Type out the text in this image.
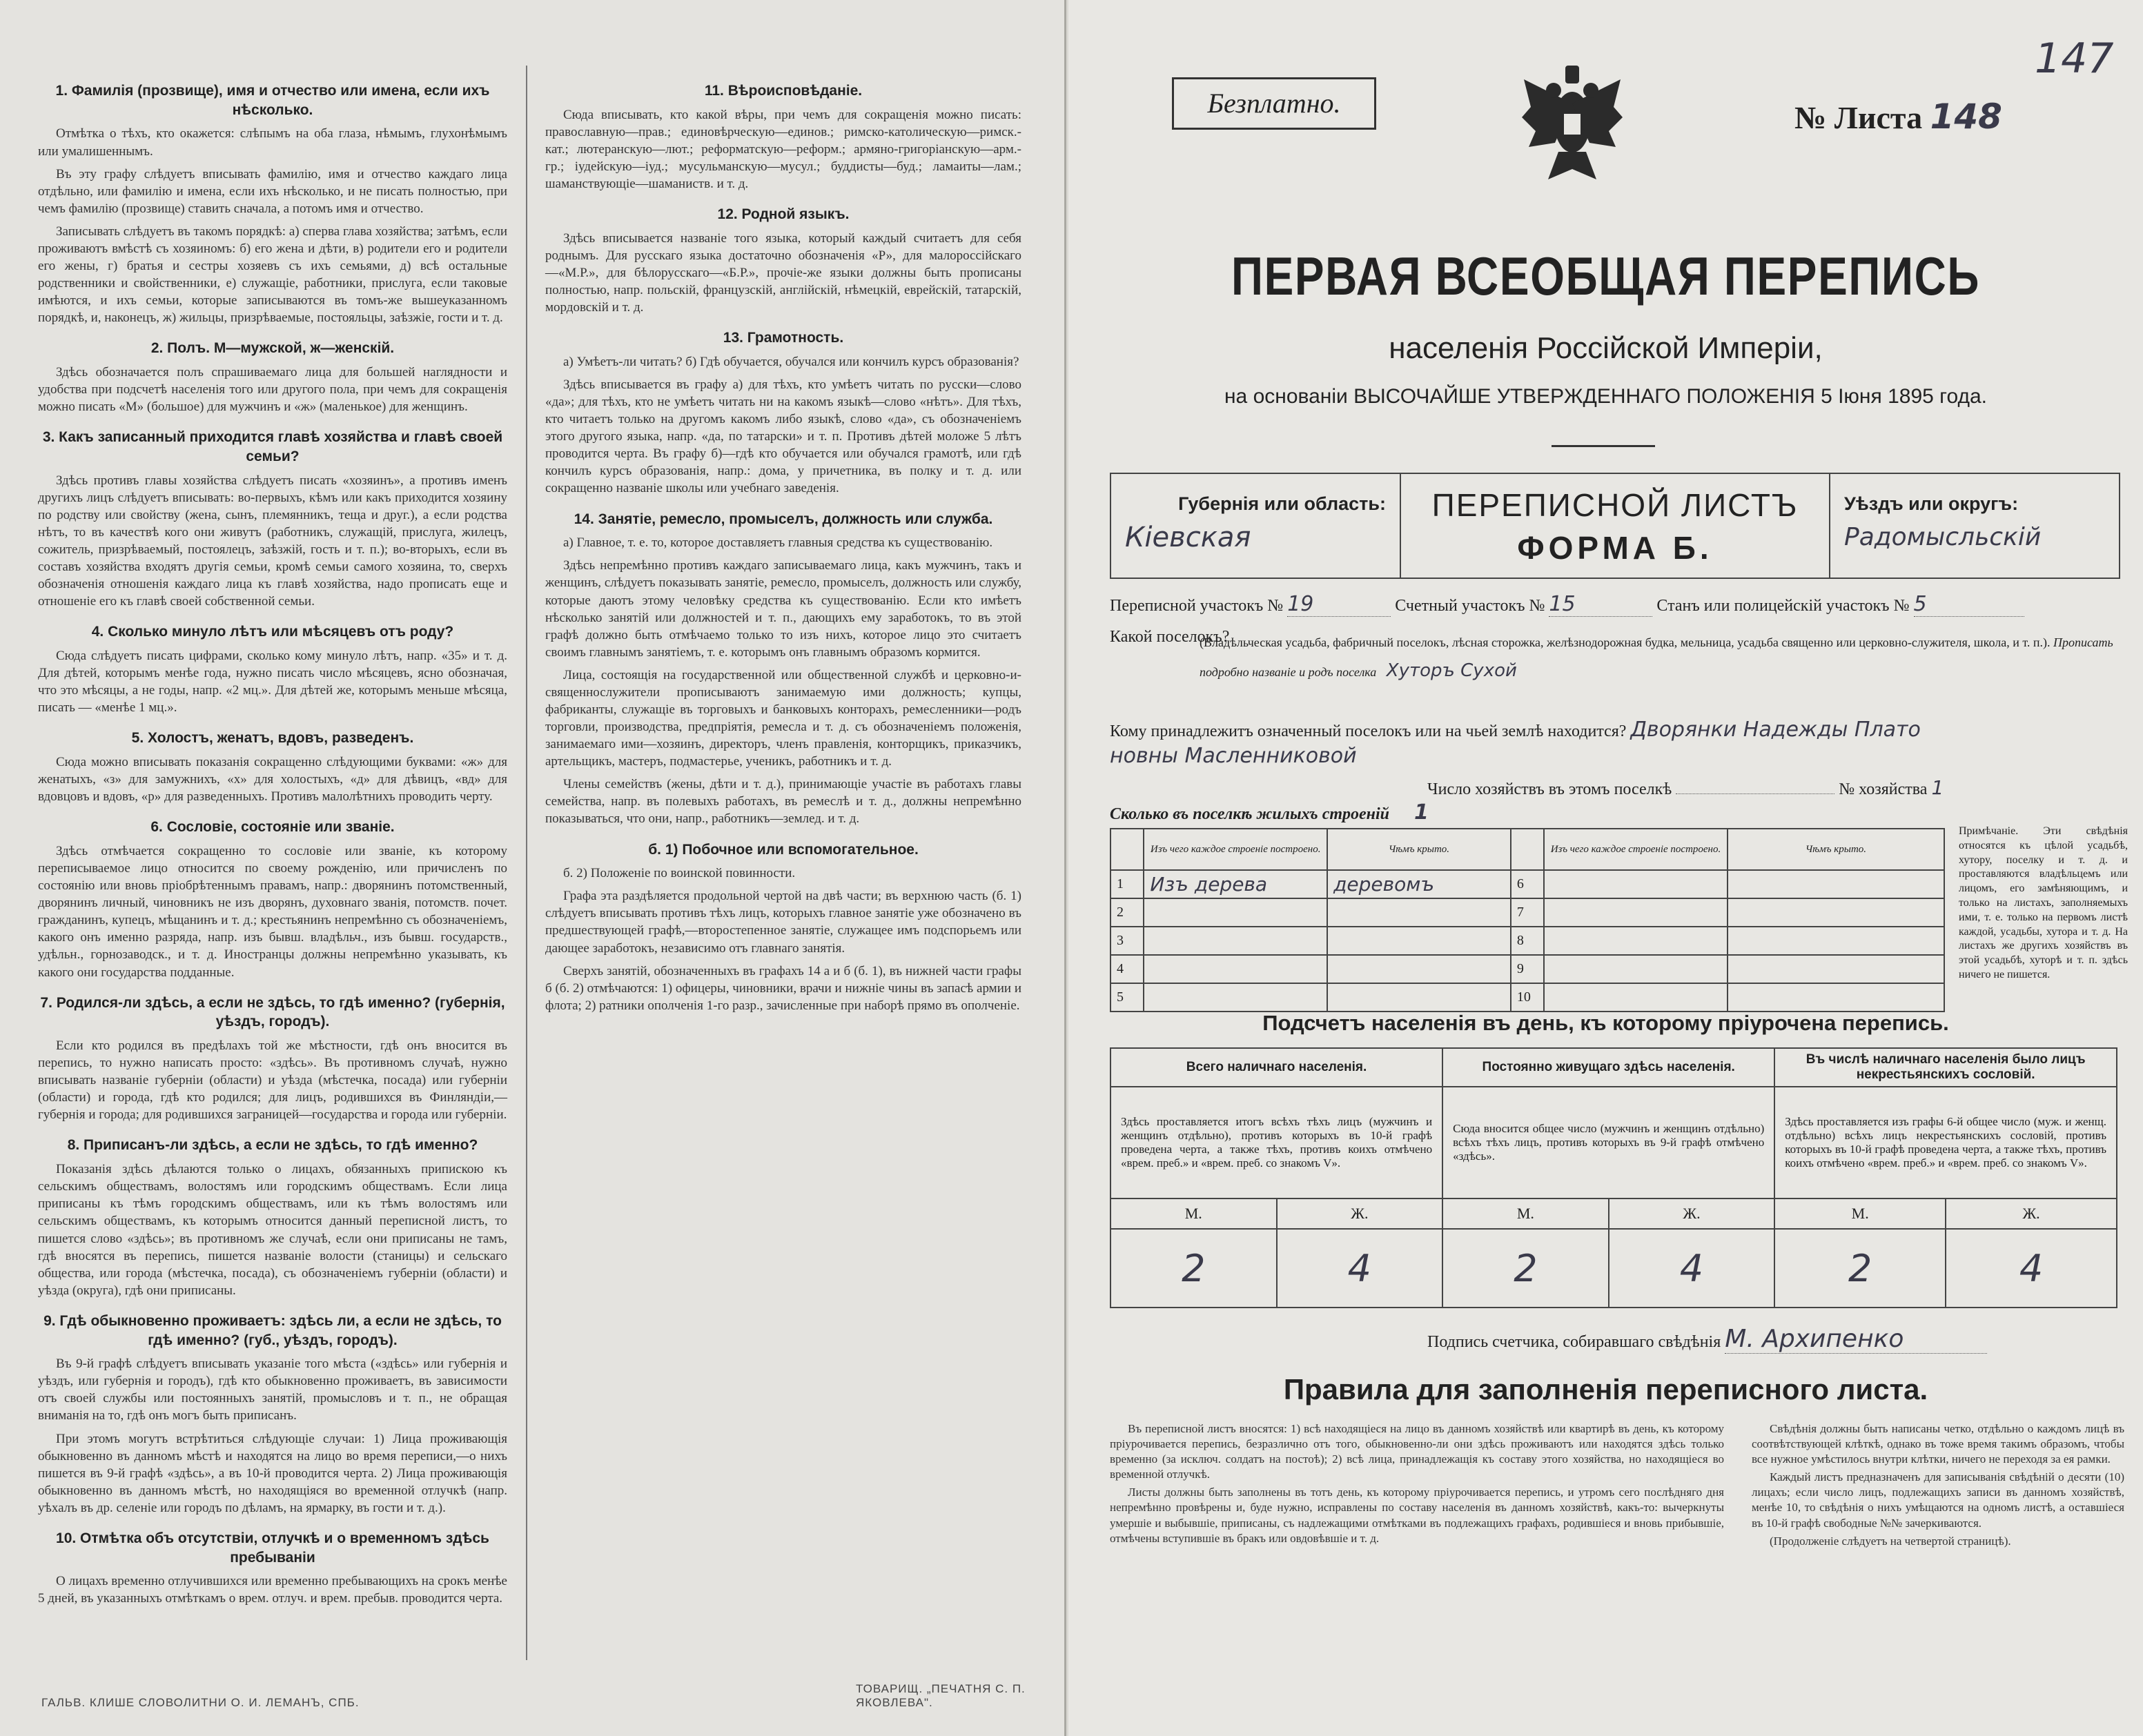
1. Фамилія (прозвище), имя и отчество или имена, если ихъ нѣсколько.

Отмѣтка о тѣхъ, кто окажется: слѣпымъ на оба глаза, нѣмымъ, глухонѣмымъ или умалишеннымъ.

Въ эту графу слѣдуетъ вписывать фамилію, имя и отчество каждаго лица отдѣльно, или фамилію и имена, если ихъ нѣсколько, и не писать полностью, при чемъ фамилію (прозвище) ставить сначала, а потомъ имя и отчество.

Записывать слѣдуетъ въ такомъ порядкѣ: а) сперва глава хозяйства; затѣмъ, если проживаютъ вмѣстѣ съ хозяиномъ: б) его жена и дѣти, в) родители его и родители его жены, г) братья и сестры хозяевъ съ ихъ семьями, д) всѣ остальные родственники и свойственники, е) служащіе, работники, прислуга, если таковые имѣются, и ихъ семьи, которые записываются въ томъ-же вышеуказанномъ порядкѣ, и, наконецъ, ж) жильцы, призрѣваемые, постояльцы, заѣзжіе, гости и т. д.

2. Полъ. М—мужской, ж—женскій.

Здѣсь обозначается полъ спрашиваемаго лица для большей наглядности и удобства при подсчетѣ населенія того или другого пола, при чемъ для сокращенія можно писать «М» (большое) для мужчинъ и «ж» (маленькое) для женщинъ.

3. Какъ записанный приходится главѣ хозяйства и главѣ своей семьи?

Здѣсь противъ главы хозяйства слѣдуетъ писать «хозяинъ», а противъ именъ другихъ лицъ слѣдуетъ вписывать: во-первыхъ, кѣмъ или какъ приходится хозяину по родству или свойству (жена, сынъ, племянникъ, теща и друг.), а если родства нѣтъ, то въ качествѣ кого они живутъ (работникъ, служащій, прислуга, жилецъ, сожитель, призрѣваемый, постоялецъ, заѣзжій, гость и т. п.); во-вторыхъ, если въ составъ хозяйства входятъ другія семьи, кромѣ семьи самого хозяина, то, сверхъ обозначенія отношенія каждаго лица къ главѣ хозяйства, надо прописать еще и отношеніе его къ главѣ своей собственной семьи.

4. Сколько минуло лѣтъ или мѣсяцевъ отъ роду?

Сюда слѣдуетъ писать цифрами, сколько кому минуло лѣтъ, напр. «35» и т. д. Для дѣтей, которымъ менѣе года, нужно писать число мѣсяцевъ, ясно обозначая, что это мѣсяцы, а не годы, напр. «2 мц.». Для дѣтей же, которымъ меньше мѣсяца, писать — «менѣе 1 мц.».

5. Холостъ, женатъ, вдовъ, разведенъ.

Сюда можно вписывать показанія сокращенно слѣдующими буквами: «ж» для женатыхъ, «з» для замужнихъ, «х» для холостыхъ, «д» для дѣвицъ, «вд» для вдовцовъ и вдовъ, «р» для разведенныхъ. Противъ малолѣтнихъ проводить черту.

6. Сословіе, состояніе или званіе.

Здѣсь отмѣчается сокращенно то сословіе или званіе, къ которому переписываемое лицо относится по своему рожденію, или причисленъ по состоянію или вновь пріобрѣтеннымъ правамъ, напр.: дворянинъ потомственный, дворянинъ личный, чиновникъ не изъ дворянъ, духовнаго званія, потомств. почет. гражданинъ, купецъ, мѣщанинъ и т. д.; крестьянинъ непремѣнно съ обозначеніемъ, какого онъ именно разряда, напр. изъ бывш. владѣльч., изъ бывш. государств., удѣльн., горнозаводск., и т. д. Иностранцы должны непремѣнно указывать, къ какого они государства подданные.

7. Родился-ли здѣсь, а если не здѣсь, то гдѣ именно? (губернія, уѣздъ, городъ).

Если кто родился въ предѣлахъ той же мѣстности, гдѣ онъ вносится въ перепись, то нужно написать просто: «здѣсь». Въ противномъ случаѣ, нужно вписывать названіе губерніи (области) и уѣзда (мѣстечка, посада) или губерніи (области) и города, гдѣ кто родился; для лицъ, родившихся въ Финляндіи,—губернія и города; для родившихся заграницей—государства и города или губерніи.

8. Приписанъ-ли здѣсь, а если не здѣсь, то гдѣ именно?

Показанія здѣсь дѣлаются только о лицахъ, обязанныхъ припискою къ сельскимъ обществамъ, волостямъ или городскимъ обществамъ. Если лица приписаны къ тѣмъ городскимъ обществамъ, или къ тѣмъ волостямъ или сельскимъ обществамъ, къ которымъ относится данный переписной листъ, то пишется слово «здѣсь»; въ противномъ же случаѣ, если они приписаны не тамъ, гдѣ вносятся въ перепись, пишется названіе волости (станицы) и сельскаго общества, или города (мѣстечка, посада), съ обозначеніемъ губерніи (области) и уѣзда (округа), гдѣ они приписаны.

9. Гдѣ обыкновенно проживаетъ: здѣсь ли, а если не здѣсь, то гдѣ именно? (губ., уѣздъ, городъ).

Въ 9-й графѣ слѣдуетъ вписывать указаніе того мѣста («здѣсь» или губернія и уѣздъ, или губернія и городъ), гдѣ кто обыкновенно проживаетъ, въ зависимости отъ своей службы или постоянныхъ занятій, промысловъ и т. п., не обращая вниманія на то, гдѣ онъ могъ быть приписанъ.

При этомъ могутъ встрѣтиться слѣдующіе случаи: 1) Лица проживающія обыкновенно въ данномъ мѣстѣ и находятся на лицо во время переписи,—о нихъ пишется въ 9-й графѣ «здѣсь», а въ 10-й проводится черта. 2) Лица проживающія обыкновенно въ данномъ мѣстѣ, но находящіяся во временной отлучкѣ (напр. уѣхалъ въ др. селеніе или городъ по дѣламъ, на ярмарку, въ гости и т. д.).

10. Отмѣтка объ отсутствіи, отлучкѣ и о временномъ здѣсь пребываніи

О лицахъ временно отлучившихся или временно пребывающихъ на срокъ менѣе 5 дней, въ указанныхъ отмѣткамъ о врем. отлуч. и врем. пребыв. проводится черта.

11. Вѣроисповѣданіе.

Сюда вписывать, кто какой вѣры, при чемъ для сокращенія можно писать: православную—прав.; единовѣрческую—единов.; римско-католическую—римск.-кат.; лютеранскую—лют.; реформатскую—реформ.; армяно-григоріанскую—арм.-гр.; іудейскую—іуд.; мусульманскую—мусул.; буддисты—буд.; ламаиты—лам.; шаманствующіе—шаманиств. и т. д.

12. Родной языкъ.

Здѣсь вписывается названіе того языка, который каждый считаетъ для себя роднымъ. Для русскаго языка достаточно обозначенія «Р», для малороссійскаго—«М.Р.», для бѣлорусскаго—«Б.Р.», прочіе-же языки должны быть прописаны полностью, напр. польскій, французскій, англійскій, нѣмецкій, еврейскій, татарскій, мордовскій и т. д.

13. Грамотность.

а) Умѣетъ-ли читать? б) Гдѣ обучается, обучался или кончилъ курсъ образованія?

Здѣсь вписывается въ графу а) для тѣхъ, кто умѣетъ читать по русски—слово «да»; для тѣхъ, кто не умѣетъ читать ни на какомъ языкѣ—слово «нѣтъ». Для тѣхъ, кто читаетъ только на другомъ какомъ либо языкѣ, слово «да», съ обозначеніемъ этого другого языка, напр. «да, по татарски» и т. п. Противъ дѣтей моложе 5 лѣтъ проводится черта. Въ графу б)—гдѣ кто обучается или обучался грамотѣ, или гдѣ кончилъ курсъ образованія, напр.: дома, у причетника, въ полку и т. д. или сокращенно названіе школы или учебнаго заведенія.

14. Занятіе, ремесло, промыселъ, должность или служба.

а) Главное, т. е. то, которое доставляетъ главныя средства къ существованію.

Здѣсь непремѣнно противъ каждаго записываемаго лица, какъ мужчинъ, такъ и женщинъ, слѣдуетъ показывать занятіе, ремесло, промыселъ, должность или службу, которые даютъ этому человѣку средства къ существованію. Если кто имѣетъ нѣсколько занятій или должностей и т. п., дающихъ ему заработокъ, то въ этой графѣ должно быть отмѣчаемо только то изъ нихъ, которое лицо это считаетъ своимъ главнымъ занятіемъ, т. е. которымъ онъ главнымъ образомъ кормится.

Лица, состоящія на государственной или общественной службѣ и церковно-и-священнослужители прописываютъ занимаемую ими должность; купцы, фабриканты, служащіе въ торговыхъ и банковыхъ конторахъ, ремесленники—родъ торговли, производства, предпріятія, ремесла и т. д. съ обозначеніемъ положенія, занимаемаго ими—хозяинъ, директоръ, членъ правленія, конторщикъ, приказчикъ, артельщикъ, мастеръ, подмастерье, ученикъ, работникъ и т. д.

Члены семействъ (жены, дѣти и т. д.), принимающіе участіе въ работахъ главы семейства, напр. въ полевыхъ работахъ, въ ремеслѣ и т. д., должны непремѣнно показываться, что они, напр., работникъ—землед. и т. д.

б. 1) Побочное или вспомогательное.

б. 2) Положеніе по воинской повинности.

Графа эта раздѣляется продольной чертой на двѣ части; въ верхнюю часть (б. 1) слѣдуетъ вписывать противъ тѣхъ лицъ, которыхъ главное занятіе уже обозначено въ предшествующей графѣ,—второстепенное занятіе, служащее имъ подспорьемъ или дающее заработокъ, независимо отъ главнаго занятія.

Сверхъ занятій, обозначенныхъ въ графахъ 14 а и б (б. 1), въ нижней части графы б (б. 2) отмѣчаются: 1) офицеры, чиновники, врачи и нижніе чины въ запасѣ армии и флота; 2) ратники ополченія 1-го разр., зачисленные при наборѣ прямо въ ополченіе.

ГАЛЬВ. КЛИШЕ СЛОВОЛИТНИ О. И. ЛЕМАНЪ, СПБ.
ТОВАРИЩ. „ПЕЧАТНЯ С. П. ЯКОВЛЕВА".
Безплатно.	№ Листа 148
147
ПЕРВАЯ ВСЕОБЩАЯ ПЕРЕПИСЬ
населенія Россійской Имперіи,
на основаніи ВЫСОЧАЙШЕ УТВЕРЖДЕННАГО ПОЛОЖЕНІЯ 5 Іюня 1895 года.
Губернія или область:
Кіевская
ПЕРЕПИСНОЙ ЛИСТЪ
ФОРМА Б.
Уѣздъ или округъ:
Радомысльскій
Переписной участокъ № 19	Счетный участокъ № 15	Станъ или полицейскій участокъ № 5
Какой поселокъ?
(Владѣльческая усадьба, фабричный поселокъ, лѣсная сторожка, желѣзнодорожная будка, мельница, усадьба священно или церковно-служителя, школа, и т. п.). Прописать подробно названіе и родъ поселка Хуторъ Сухой
Кому принадлежитъ означенный поселокъ или на чьей землѣ находится? Дворянки Надежды Плато
новны Масленниковой
Число хозяйствъ въ этомъ поселкѣ	№ хозяйства 1
Сколько въ поселкѣ жилыхъ строеній 1
	Изъ чего каждое строеніе построено.	Чѣмъ крыто.		Изъ чего каждое строеніе построено.	Чѣмъ крыто.
1	Изъ дерева	деревомъ	6		
2			7		
3			8		
4			9		
5			10		
Примѣчаніе. Эти свѣдѣнія относятся къ цѣлой усадьбѣ, хутору, поселку и т. д. и проставляются владѣльцемъ или лицомъ, его замѣняющимъ, и только на листахъ, заполняемыхъ ими, т. е. только на первомъ листѣ каждой, усадьбы, хутора и т. д. На листахъ же другихъ хозяйствъ въ этой усадьбѣ, хуторѣ и т. п. здѣсь ничего не пишется.
Подсчетъ населенія въ день, къ которому пріурочена перепись.
Всего наличнаго населенія.		Постоянно живущаго здѣсь населенія.		Въ числѣ наличнаго населенія было лицъ некрестьянскихъ сословій.	
Здѣсь проставляется итогъ всѣхъ тѣхъ лицъ (мужчинъ и женщинъ отдѣльно), противъ которыхъ въ 10-й графѣ проведена черта, а также тѣхъ, противъ коихъ отмѣчено «врем. преб.» и «врем. преб. со знакомъ V».		Сюда вносится общее число (мужчинъ и женщинъ отдѣльно) всѣхъ тѣхъ лицъ, противъ которыхъ въ 9-й графѣ отмѣчено «здѣсь».		Здѣсь проставляется изъ графы 6-й общее число (муж. и женщ. отдѣльно) всѣхъ лицъ некрестьянскихъ сословій, противъ которыхъ въ 10-й графѣ проведена черта, а также тѣхъ, противъ коихъ отмѣчено «врем. преб.» и «врем. преб. со знакомъ V».	
М.	Ж.	М.	Ж.	М.	Ж.
2	4	2	4	2	4
Подпись счетчика, собиравшаго свѣдѣнія М. Архипенко
Правила для заполненія переписного листа.

Въ переписной листъ вносятся: 1) всѣ находящіеся на лицо въ данномъ хозяйствѣ или квартирѣ въ день, къ которому пріурочивается перепись, безразлично отъ того, обыкновенно-ли они здѣсь проживаютъ или находятся здѣсь только временно (за исключ. солдатъ на постоѣ); 2) всѣ лица, принадлежащія къ составу этого хозяйства, но находящіеся во временной отлучкѣ.

Листы должны быть заполнены въ тотъ день, къ которому пріурочивается перепись, и утромъ сего послѣдняго дня непремѣнно провѣрены и, буде нужно, исправлены по составу населенія въ данномъ хозяйствѣ, какъ-то: вычеркнуты умершіе и выбывшіе, приписаны, съ надлежащими отмѣтками въ подлежащихъ графахъ, родившіеся и вновь прибывшіе, отмѣчены вступившіе въ бракъ или овдовѣвшіе и т. д.

Свѣдѣнія должны быть написаны четко, отдѣльно о каждомъ лицѣ въ соотвѣтствующей клѣткѣ, однако въ тоже время такимъ образомъ, чтобы все нужное умѣстилось внутри клѣтки, ничего не переходя за ея рамки.

Каждый листъ предназначенъ для записыванія свѣдѣній о десяти (10) лицахъ; если число лицъ, подлежащихъ записи въ данномъ хозяйствѣ, менѣе 10, то свѣдѣнія о нихъ умѣщаются на одномъ листѣ, а оставшіеся въ 10-й графѣ свободные №№ зачеркиваются.

(Продолженіе слѣдуетъ на четвертой страницѣ).
